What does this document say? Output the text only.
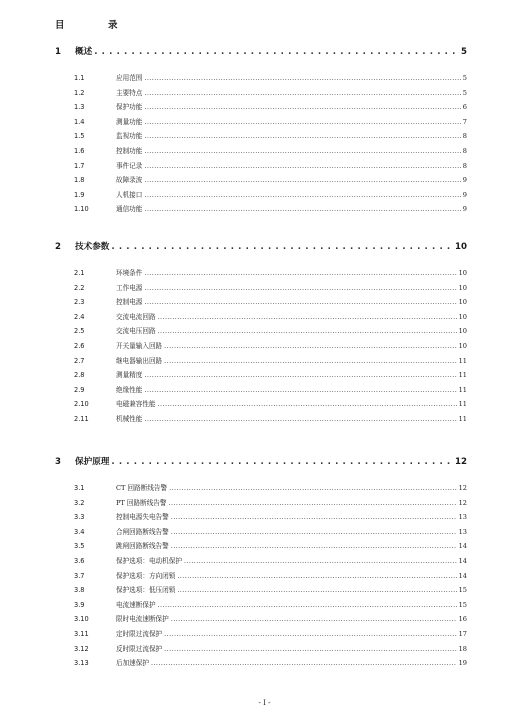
目　录
1	概述 . . .	5
1.1	应用范围 . . .	5
1.2	主要特点 . . .	5
1.3	保护功能 . . .	6
1.4	测量功能 . . .	7
1.5	监视功能 . . .	8
1.6	控制功能 . . .	8
1.7	事件记录 . . .	8
1.8	故障录波 . . .	9
1.9	人机接口 . . .	9
1.10	通信功能 . . .	9
2	技术参数 . . .	10
2.1	环境条件 . . .	10
2.2	工作电源 . . .	10
2.3	控制电源 . . .	10
2.4	交流电流回路 . . .	10
2.5	交流电压回路 . . .	10
2.6	开关量输入回路 . . .	10
2.7	继电器输出回路 . . .	11
2.8	测量精度 . . .	11
2.9	绝缘性能 . . .	11
2.10	电磁兼容性能 . . .	11
2.11	机械性能 . . .	11
3	保护原理 . . .	12
3.1	CT 回路断线告警 . . .	12
3.2	PT 回路断线告警 . . .	12
3.3	控制电源失电告警 . . .	13
3.4	合闸回路断线告警 . . .	13
3.5	跳闸回路断线告警 . . .	14
3.6	保护选项：电动机保护 . . .	14
3.7	保护选项：方向闭锁 . . .	14
3.8	保护选项：低压闭锁 . . .	15
3.9	电流速断保护 . . .	15
3.10	限时电流速断保护 . . .	16
3.11	定时限过流保护 . . .	17
3.12	反时限过流保护 . . .	18
3.13	后加速保护 . . .	19
- I -
